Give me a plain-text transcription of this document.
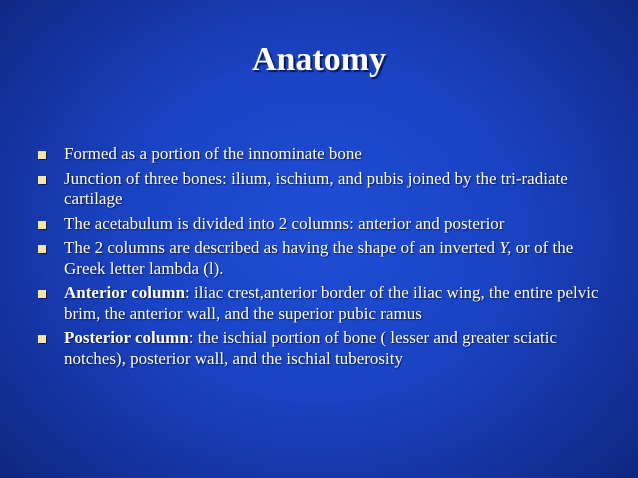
Anatomy
Formed as a portion of the innominate bone
Junction of three bones: ilium, ischium, and pubis joined by the tri-radiate cartilage
The acetabulum is divided into 2 columns: anterior and posterior
The 2 columns are described as having the shape of an inverted Y, or of the Greek letter lambda (l).
Anterior column: iliac crest,anterior border of the iliac wing, the entire pelvic brim, the anterior wall, and the superior pubic ramus
Posterior column: the ischial portion of bone ( lesser and greater sciatic notches), posterior wall, and the ischial tuberosity
